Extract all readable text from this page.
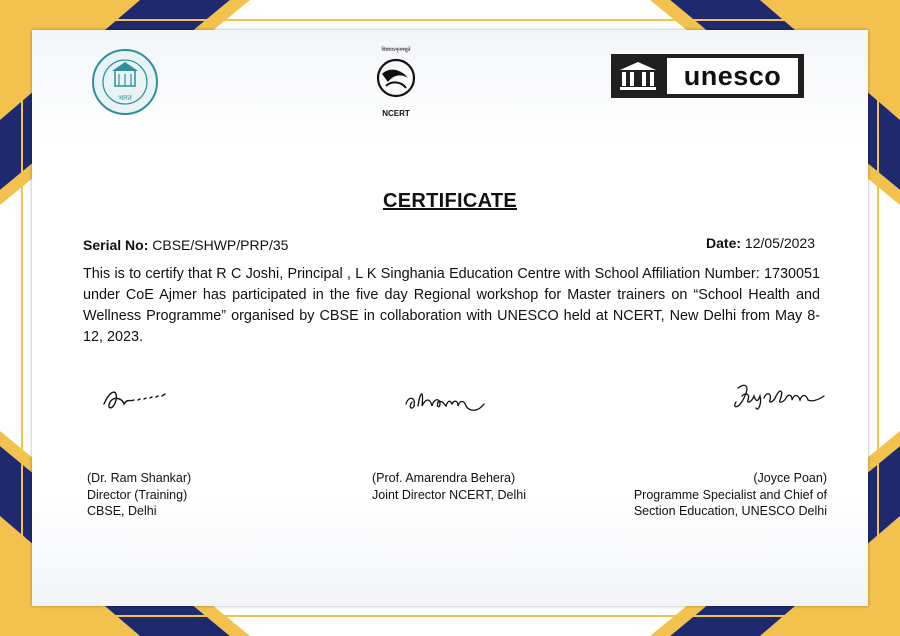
भारत
विद्ययाऽमृतमश्नुते
NCERT
unesco
CERTIFICATE
Serial No: CBSE/SHWP/PRP/35	Date: 12/05/2023
This is to certify that R C Joshi, Principal , L K Singhania Education Centre with School Affiliation Number: 1730051 under CoE Ajmer has participated in the five day Regional workshop for Master trainers on “School Health and Wellness Programme” organised by CBSE in collaboration with UNESCO held at NCERT, New Delhi from May 8-12, 2023.
(Dr. Ram Shankar)
Director (Training)
CBSE, Delhi
(Prof. Amarendra Behera)
Joint Director NCERT, Delhi
(Joyce Poan)
Programme Specialist and Chief of
Section Education, UNESCO Delhi
